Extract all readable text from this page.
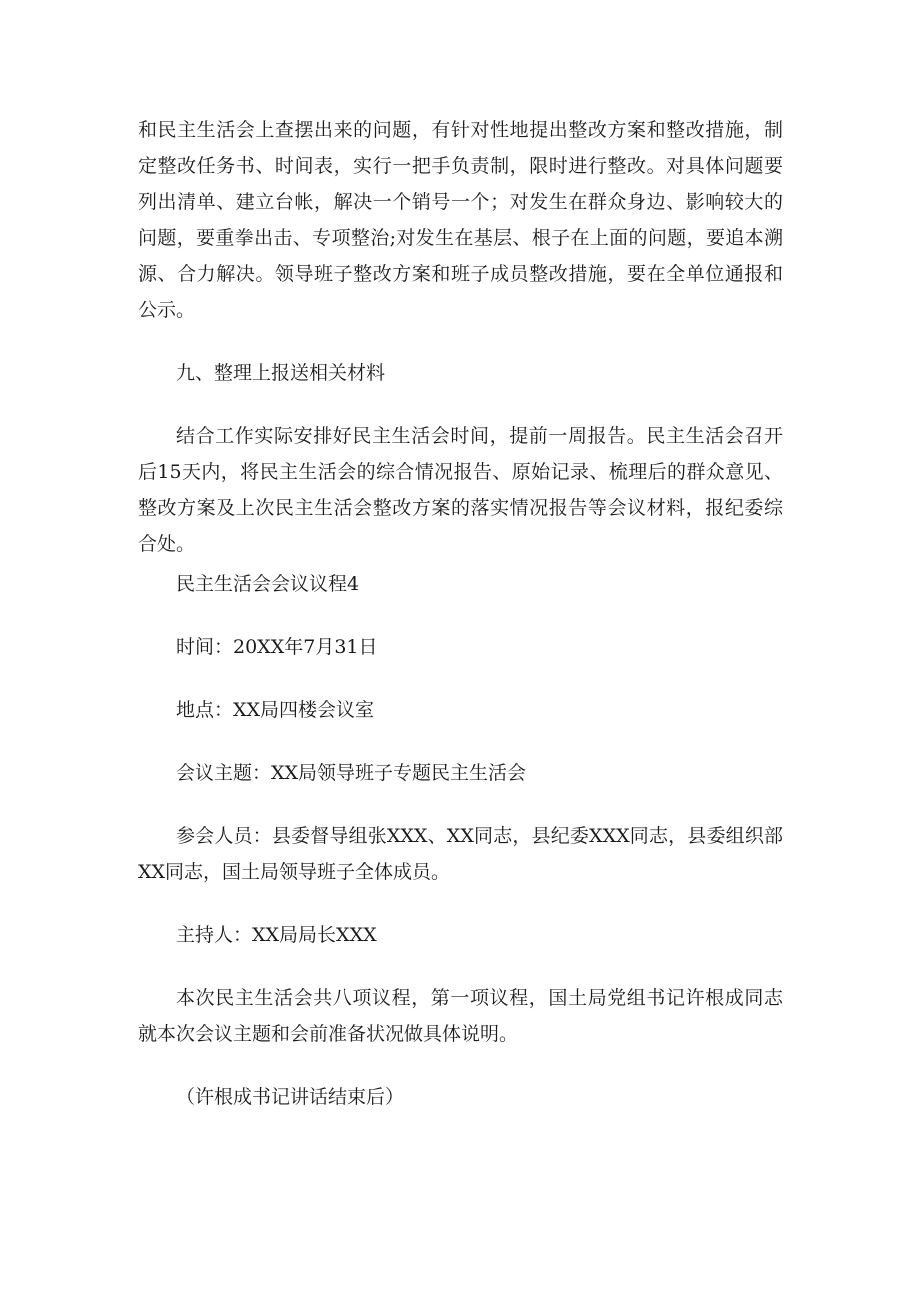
和民主生活会上查摆出来的问题，有针对性地提出整改方案和整改措施，制定整改任务书、时间表，实行一把手负责制，限时进行整改。对具体问题要列出清单、建立台帐，解决一个销号一个；对发生在群众身边、影响较大的问题，要重拳出击、专项整治;对发生在基层、根子在上面的问题，要追本溯源、合力解决。领导班子整改方案和班子成员整改措施，要在全单位通报和公示。

九、整理上报送相关材料

结合工作实际安排好民主生活会时间，提前一周报告。民主生活会召开后15天内，将民主生活会的综合情况报告、原始记录、梳理后的群众意见、整改方案及上次民主生活会整改方案的落实情况报告等会议材料，报纪委综合处。

民主生活会会议议程4

时间：20XX年7月31日

地点：XX局四楼会议室

会议主题：XX局领导班子专题民主生活会

参会人员：县委督导组张XXX、XX同志，县纪委XXX同志，县委组织部XX同志，国土局领导班子全体成员。

主持人：XX局局长XXX

本次民主生活会共八项议程，第一项议程，国土局党组书记许根成同志就本次会议主题和会前准备状况做具体说明。

（许根成书记讲话结束后）
